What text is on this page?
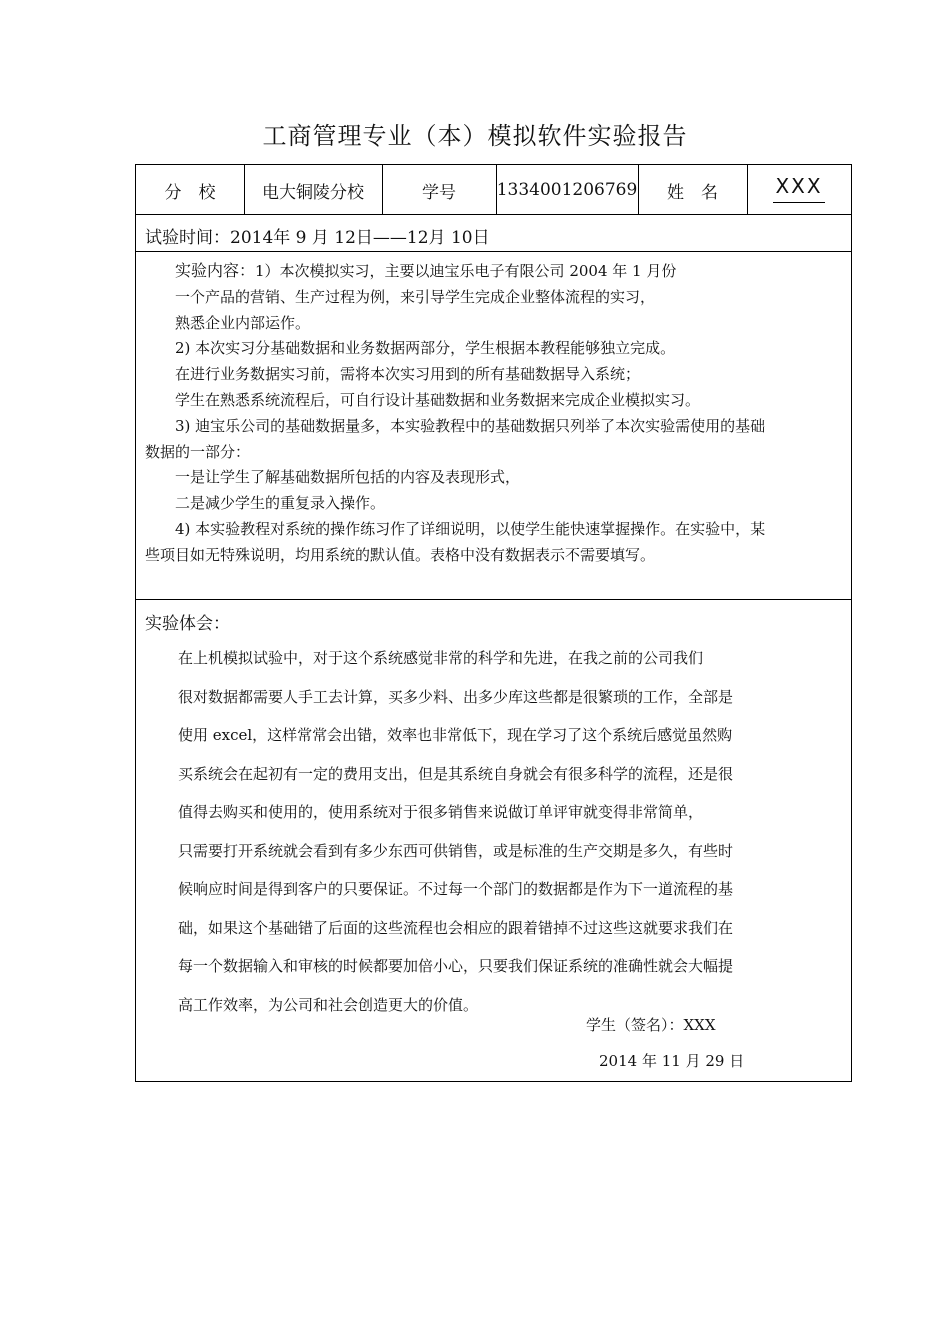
工商管理专业（本）模拟软件实验报告
分　校	电大铜陵分校	学号	1334001206769	姓　名	XXX
试验时间：2014年 9 月 12日——12月 10日

实验内容：1）本次模拟实习，主要以迪宝乐电子有限公司 2004 年 1 月份

一个产品的营销、生产过程为例，来引导学生完成企业整体流程的实习，

熟悉企业内部运作。

2) 本次实习分基础数据和业务数据两部分，学生根据本教程能够独立完成。

在进行业务数据实习前，需将本次实习用到的所有基础数据导入系统；

学生在熟悉系统流程后，可自行设计基础数据和业务数据来完成企业模拟实习。

3) 迪宝乐公司的基础数据量多，本实验教程中的基础数据只列举了本次实验需使用的基础

数据的一部分：

一是让学生了解基础数据所包括的内容及表现形式，

二是减少学生的重复录入操作。

4) 本实验教程对系统的操作练习作了详细说明，以使学生能快速掌握操作。在实验中，某

些项目如无特殊说明，均用系统的默认值。表格中没有数据表示不需要填写。

实验体会：

在上机模拟试验中，对于这个系统感觉非常的科学和先进，在我之前的公司我们

很对数据都需要人手工去计算，买多少料、出多少库这些都是很繁琐的工作，全部是

使用 excel，这样常常会出错，效率也非常低下，现在学习了这个系统后感觉虽然购

买系统会在起初有一定的费用支出，但是其系统自身就会有很多科学的流程，还是很

值得去购买和使用的，使用系统对于很多销售来说做订单评审就变得非常简单，

只需要打开系统就会看到有多少东西可供销售，或是标准的生产交期是多久，有些时

候响应时间是得到客户的只要保证。不过每一个部门的数据都是作为下一道流程的基

础，如果这个基础错了后面的这些流程也会相应的跟着错掉不过这些这就要求我们在

每一个数据输入和审核的时候都要加倍小心，只要我们保证系统的准确性就会大幅提

高工作效率，为公司和社会创造更大的价值。

学生（签名）：XXX
2014 年 11 月 29 日
